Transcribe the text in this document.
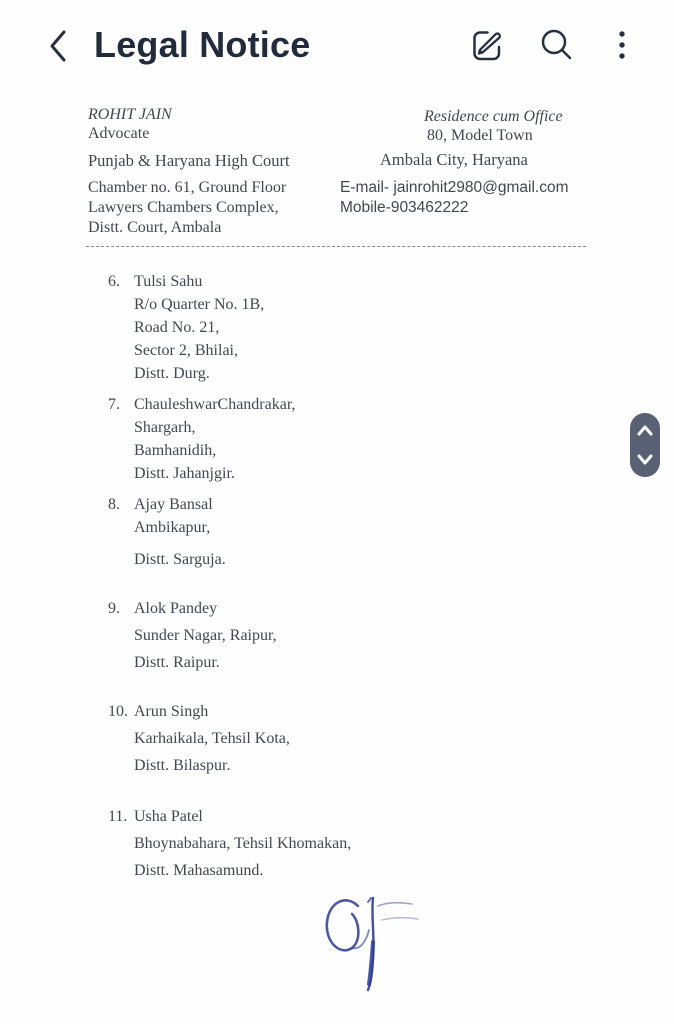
Legal Notice
ROHIT JAIN
Advocate
Punjab & Haryana High Court
Chamber no. 61, Ground Floor
Lawyers Chambers Complex,
Distt. Court, Ambala
Residence cum Office
80, Model Town
Ambala City, Haryana
E-mail- jainrohit2980@gmail.com
Mobile-903462222
6. Tulsi Sahu
R/o Quarter No. 1B,
Road No. 21,
Sector 2, Bhilai,
Distt. Durg.
7. ChauleshwarChandrakar,
Shargarh,
Bamhanidih,
Distt. Jahanjgir.
8. Ajay Bansal
Ambikapur,
Distt. Sarguja.
9. Alok Pandey
Sunder Nagar, Raipur,
Distt. Raipur.
10. Arun Singh
Karhaikala, Tehsil Kota,
Distt. Bilaspur.
11. Usha Patel
Bhoynabahara, Tehsil Khomakan,
Distt. Mahasamund.
